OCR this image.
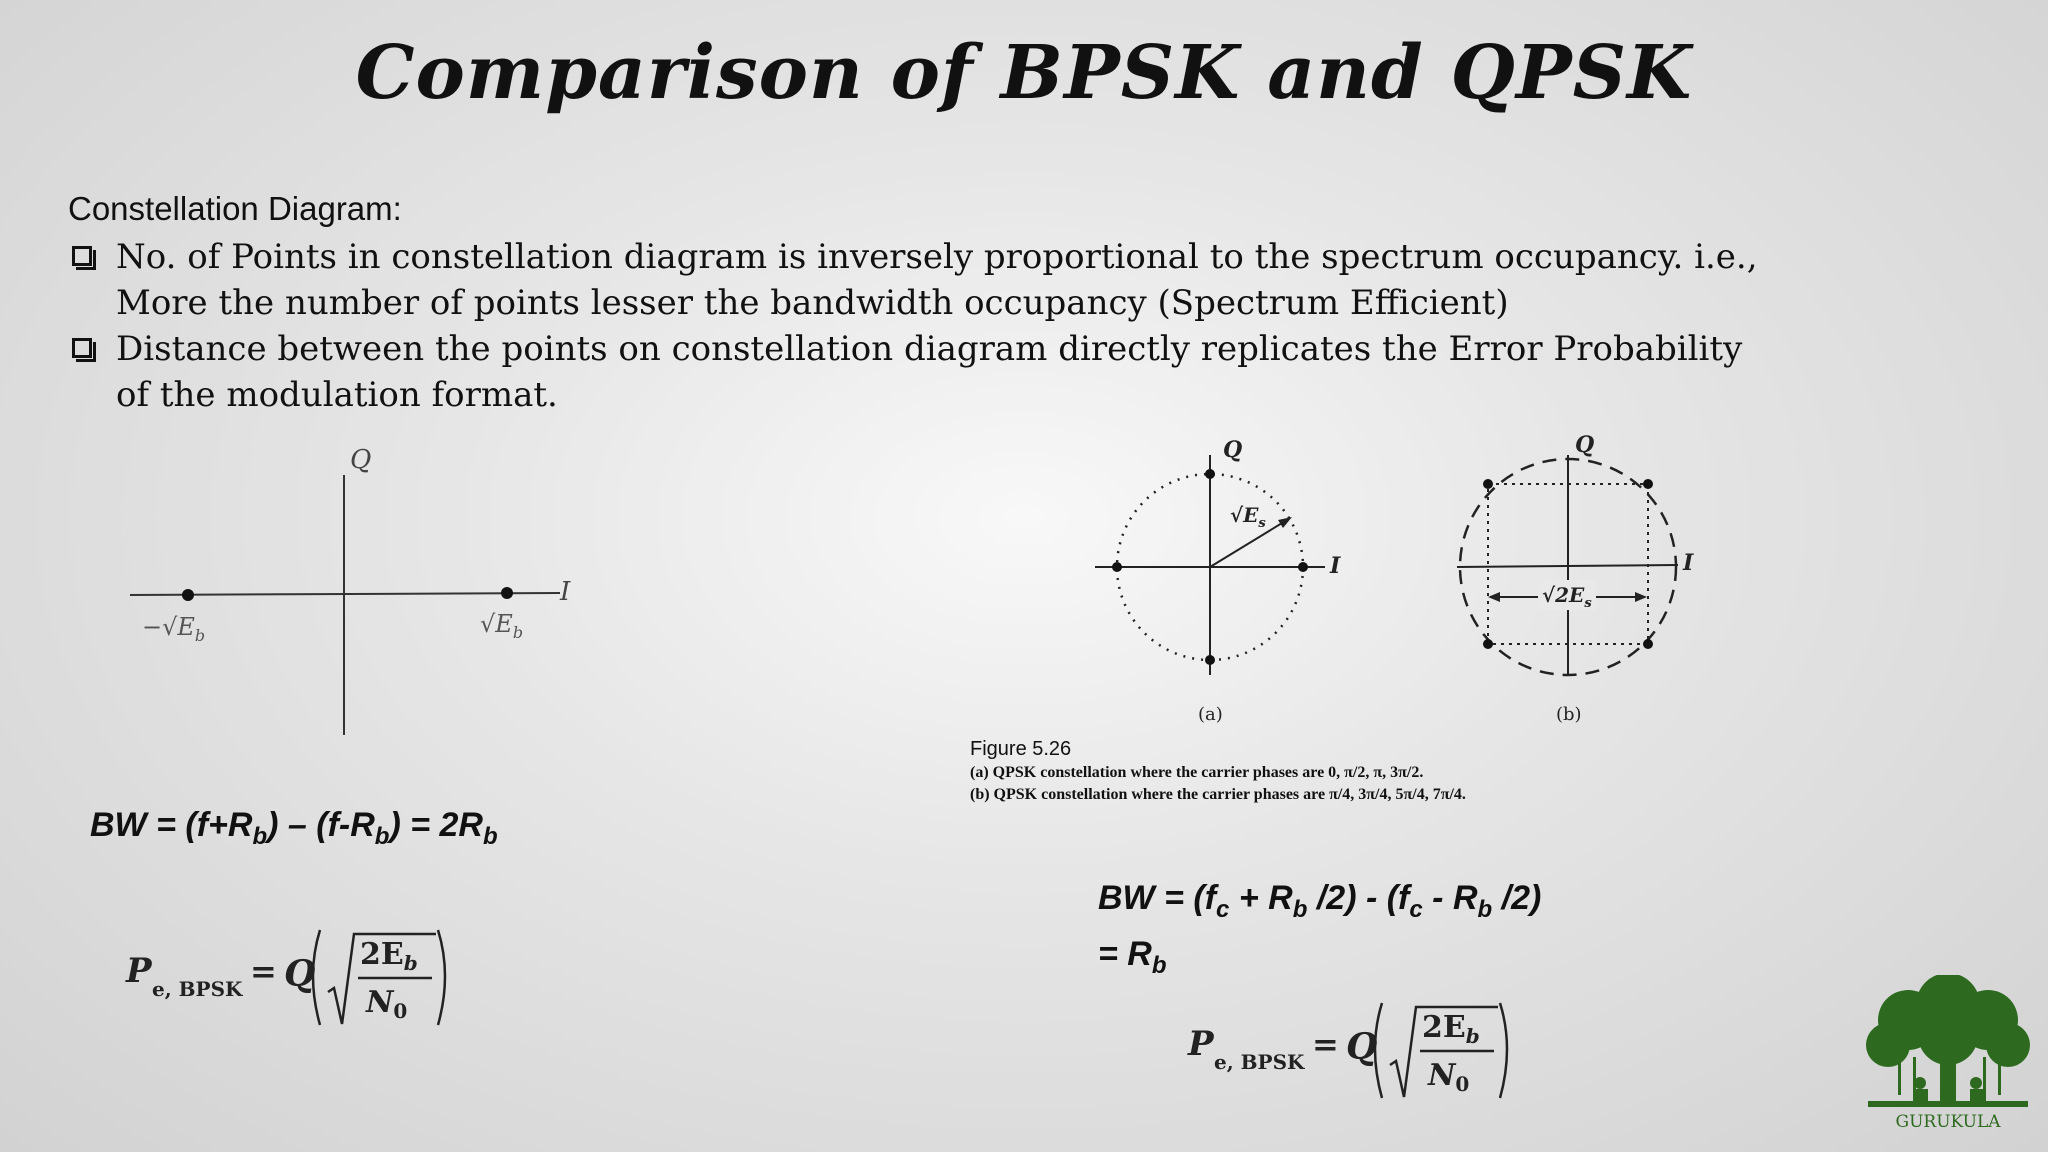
Comparison of BPSK and QPSK
Constellation Diagram:
No. of Points in constellation diagram is inversely proportional to the spectrum occupancy. i.e., More the number of points lesser the bandwidth occupancy (Spectrum Efficient)
Distance between the points on constellation diagram directly replicates the Error Probability of the modulation format.
Q
I
$-√E_b$	$√E_b$
Q
I
$√E_s$
(a)
$√2E_s$
Q
I
(b)
Figure 5.26
(a) QPSK constellation where the carrier phases are 0, π/2, π, 3π/2.
(b) QPSK constellation where the carrier phases are π/4, 3π/4, 5π/4, 7π/4.
BW = $(f+R_b) - (f-R_b) = 2R_b$
BW = ($f_c + R_b$ $/2) - (f_c - R_b$ /2)
= $R_b$
P e, BPSK = Q $2E_b$
$N_0$
P e, BPSK = Q $2E_b$
$N_0$
GURUKULA
